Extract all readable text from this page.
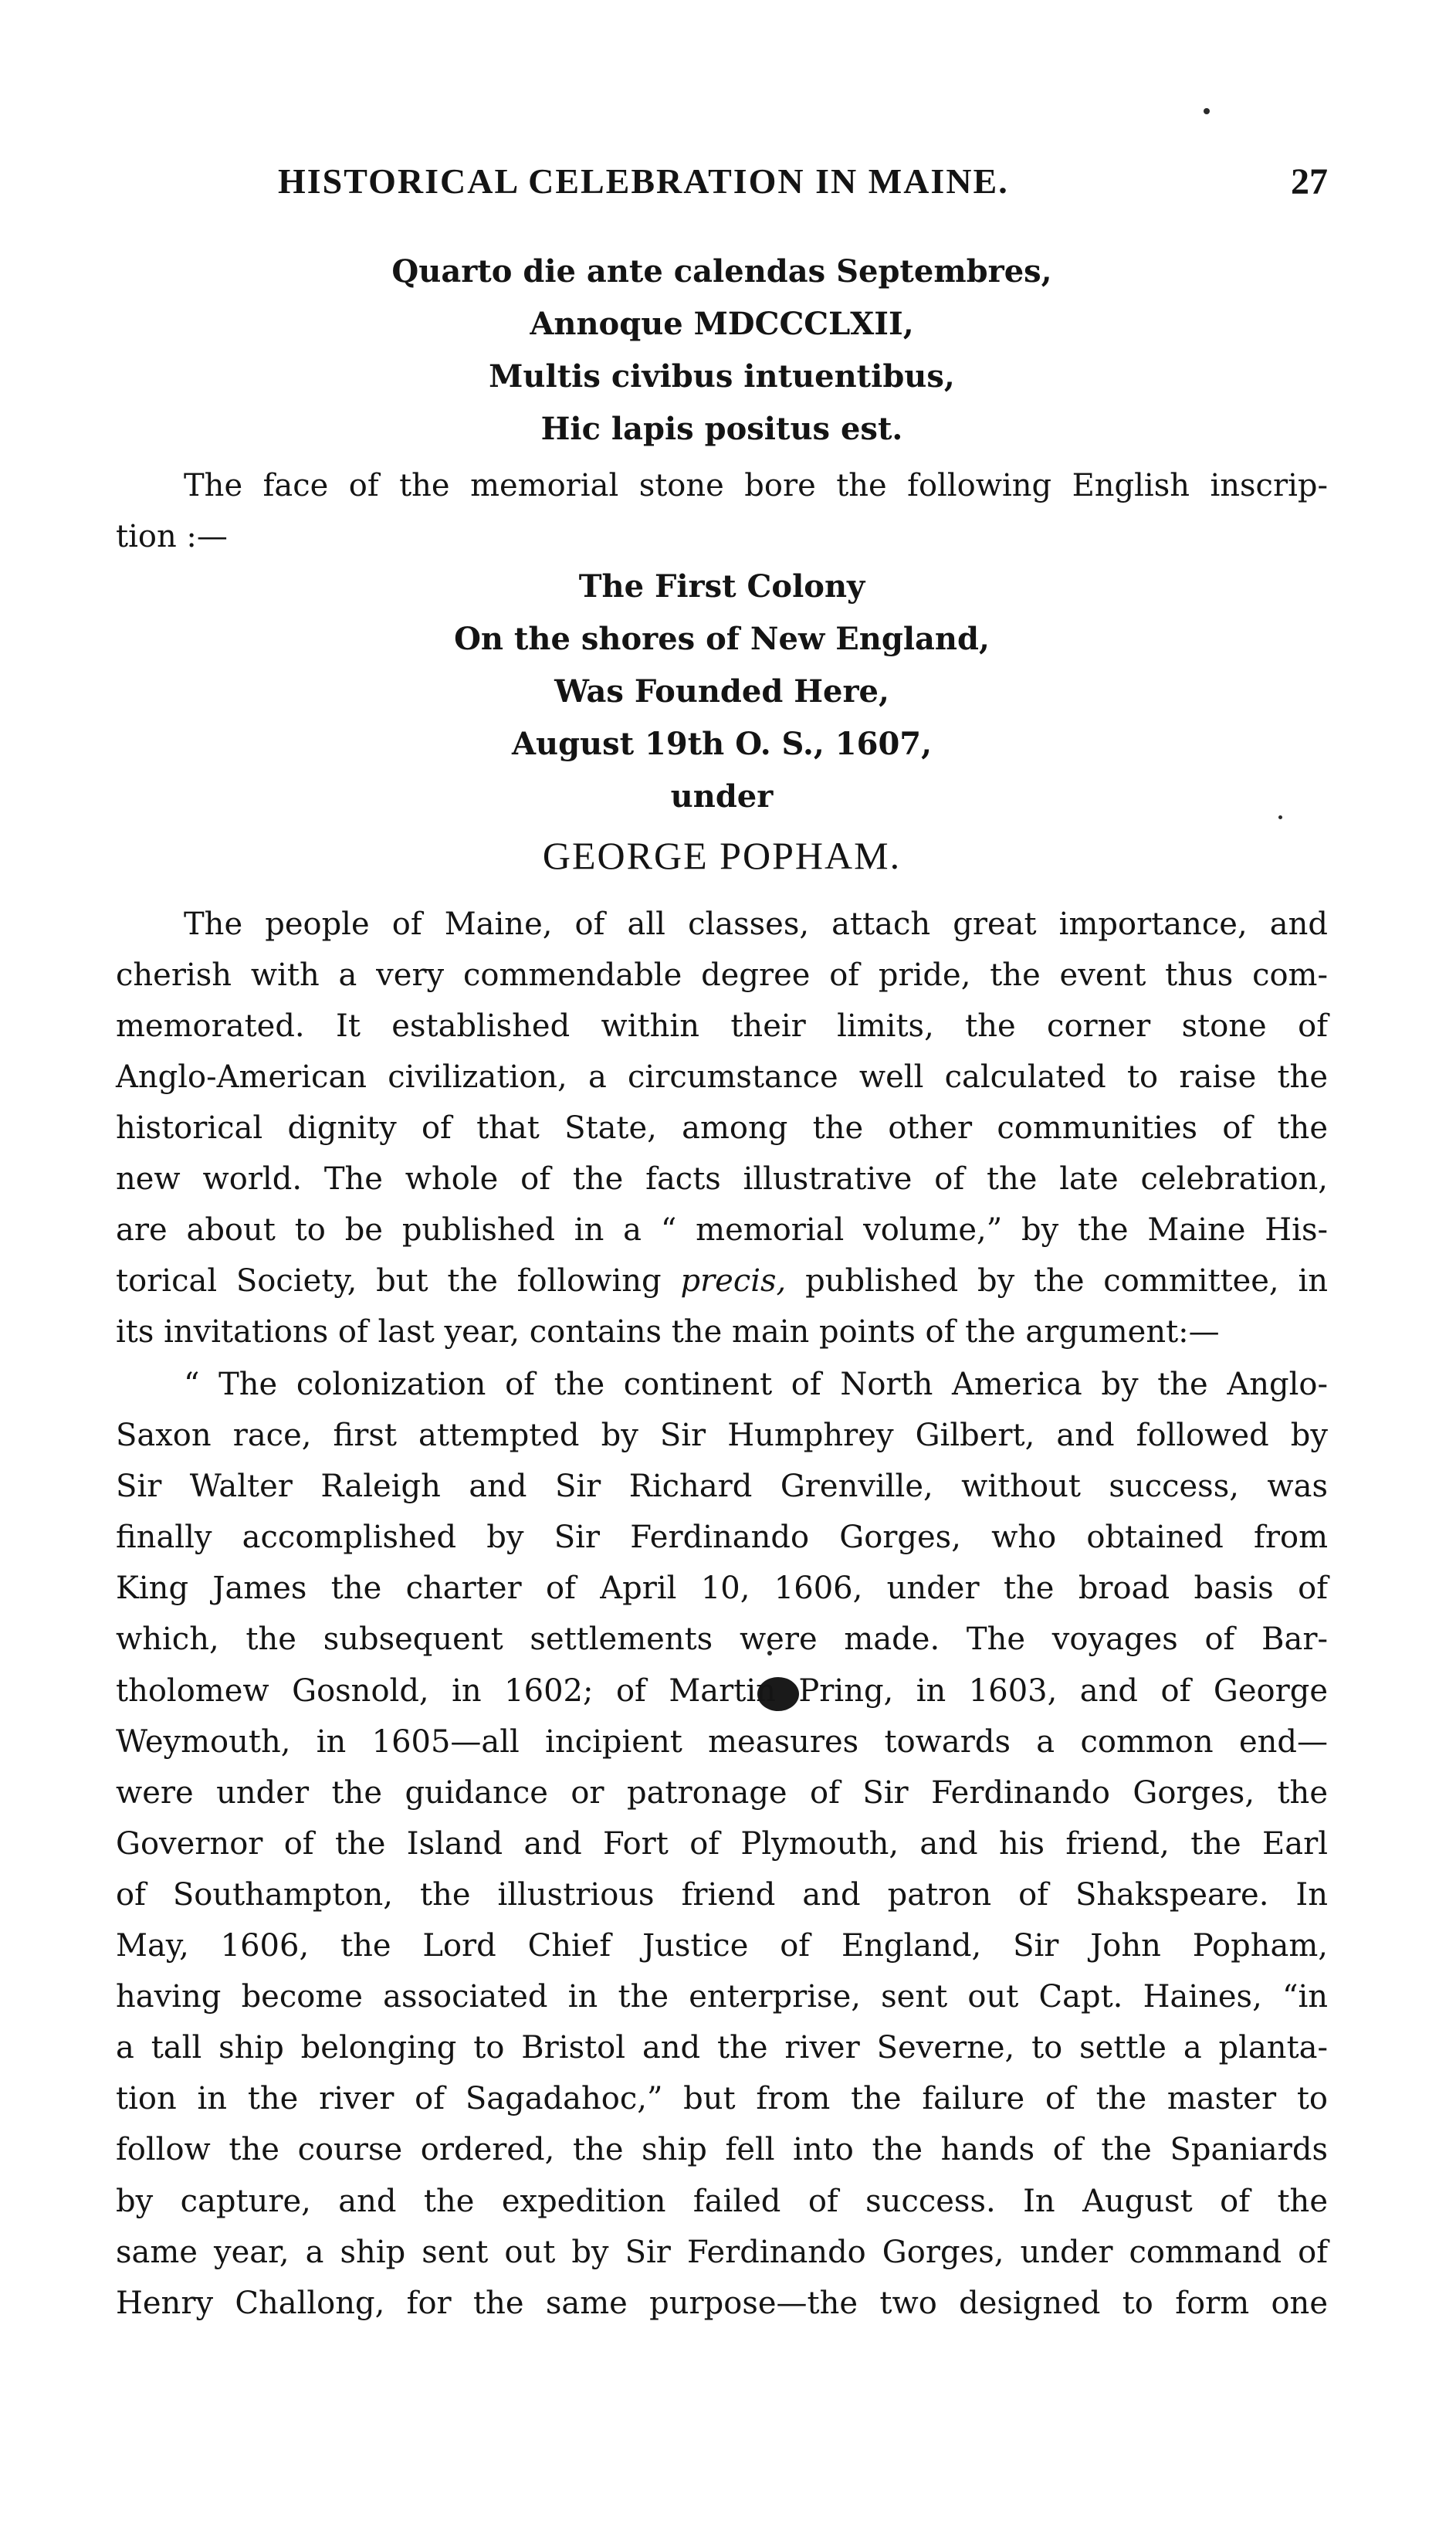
HISTORICAL CELEBRATION IN MAINE.	27
Quarto die ante calendas Septembres,
Annoque MDCCCLXII,
Multis civibus intuentibus,
Hic lapis positus est.
The face of the memorial stone bore the following English inscrip-
tion :—
The First Colony
On the shores of New England,
Was Founded Here,
August 19th O. S., 1607,
under
GEORGE POPHAM.
The people of Maine, of all classes, attach great importance, and
cherish with a very commendable degree of pride, the event thus com-
memorated. It established within their limits, the corner stone of
Anglo-American civilization, a circumstance well calculated to raise the
historical dignity of that State, among the other communities of the
new world. The whole of the facts illustrative of the late celebration,
are about to be published in a “ memorial volume,” by the Maine His-
torical Society, but the following precis, published by the committee, in
its invitations of last year, contains the main points of the argument:—
“ The colonization of the continent of North America by the Anglo-
Saxon race, first attempted by Sir Humphrey Gilbert, and followed by
Sir Walter Raleigh and Sir Richard Grenville, without success, was
finally accomplished by Sir Ferdinando Gorges, who obtained from
King James the charter of April 10, 1606, under the broad basis of
which, the subsequent settlements were made. The voyages of Bar-
tholomew Gosnold, in 1602; of Martin Pring, in 1603, and of George
Weymouth, in 1605—all incipient measures towards a common end—
were under the guidance or patronage of Sir Ferdinando Gorges, the
Governor of the Island and Fort of Plymouth, and his friend, the Earl
of Southampton, the illustrious friend and patron of Shakspeare. In
May, 1606, the Lord Chief Justice of England, Sir John Popham,
having become associated in the enterprise, sent out Capt. Haines, “in
a tall ship belonging to Bristol and the river Severne, to settle a planta-
tion in the river of Sagadahoc,” but from the failure of the master to
follow the course ordered, the ship fell into the hands of the Spaniards
by capture, and the expedition failed of success. In August of the
same year, a ship sent out by Sir Ferdinando Gorges, under command of
Henry Challong, for the same purpose—the two designed to form one
